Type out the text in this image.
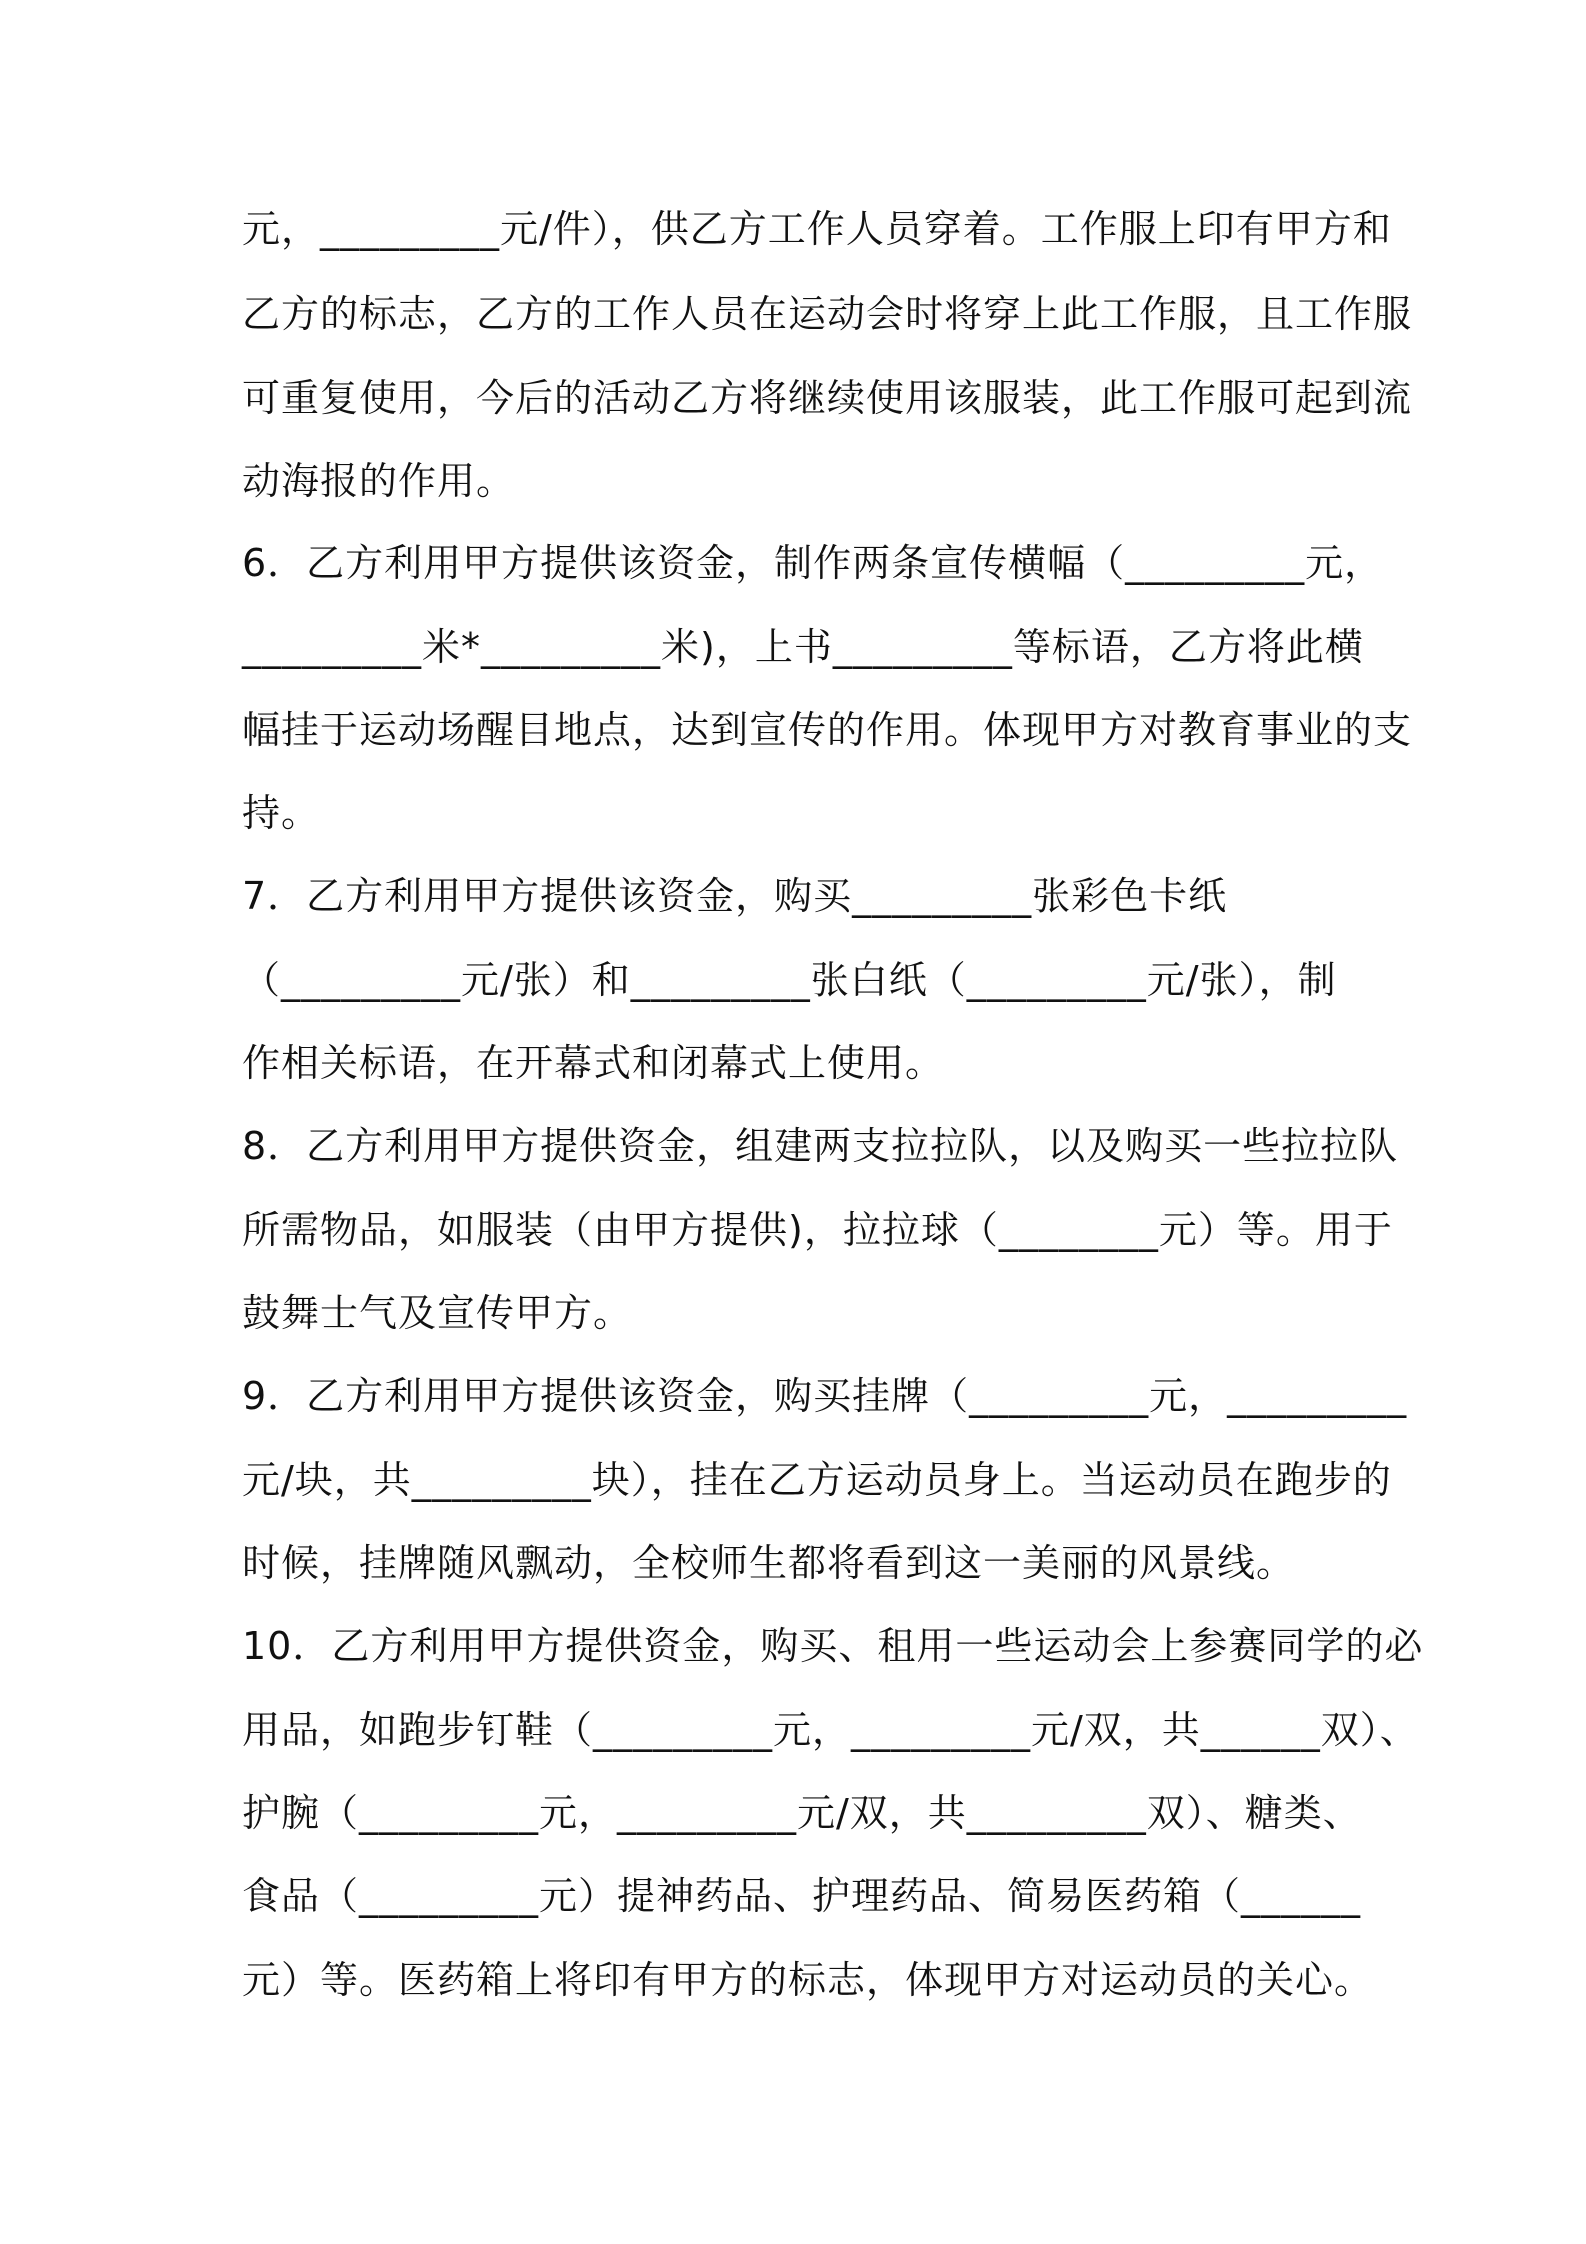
元，_________元/件），供乙方工作人员穿着。工作服上印有甲方和
乙方的标志，乙方的工作人员在运动会时将穿上此工作服，且工作服
可重复使用，今后的活动乙方将继续使用该服装，此工作服可起到流
动海报的作用。
6．乙方利用甲方提供该资金，制作两条宣传横幅（_________元，
_________米*_________米)，上书_________等标语，乙方将此横
幅挂于运动场醒目地点，达到宣传的作用。体现甲方对教育事业的支
持。
7．乙方利用甲方提供该资金，购买_________张彩色卡纸
（_________元/张）和_________张白纸（_________元/张），制
作相关标语，在开幕式和闭幕式上使用。
8．乙方利用甲方提供资金，组建两支拉拉队，以及购买一些拉拉队
所需物品，如服装（由甲方提供)，拉拉球（________元）等。用于
鼓舞士气及宣传甲方。
9．乙方利用甲方提供该资金，购买挂牌（_________元，_________
元/块，共_________块），挂在乙方运动员身上。当运动员在跑步的
时候，挂牌随风飘动，全校师生都将看到这一美丽的风景线。
10．乙方利用甲方提供资金，购买、租用一些运动会上参赛同学的必
用品，如跑步钉鞋（_________元，_________元/双，共______双）、
护腕（_________元，_________元/双，共_________双）、糖类、
食品（_________元）提神药品、护理药品、简易医药箱（______
元）等。医药箱上将印有甲方的标志，体现甲方对运动员的关心。
